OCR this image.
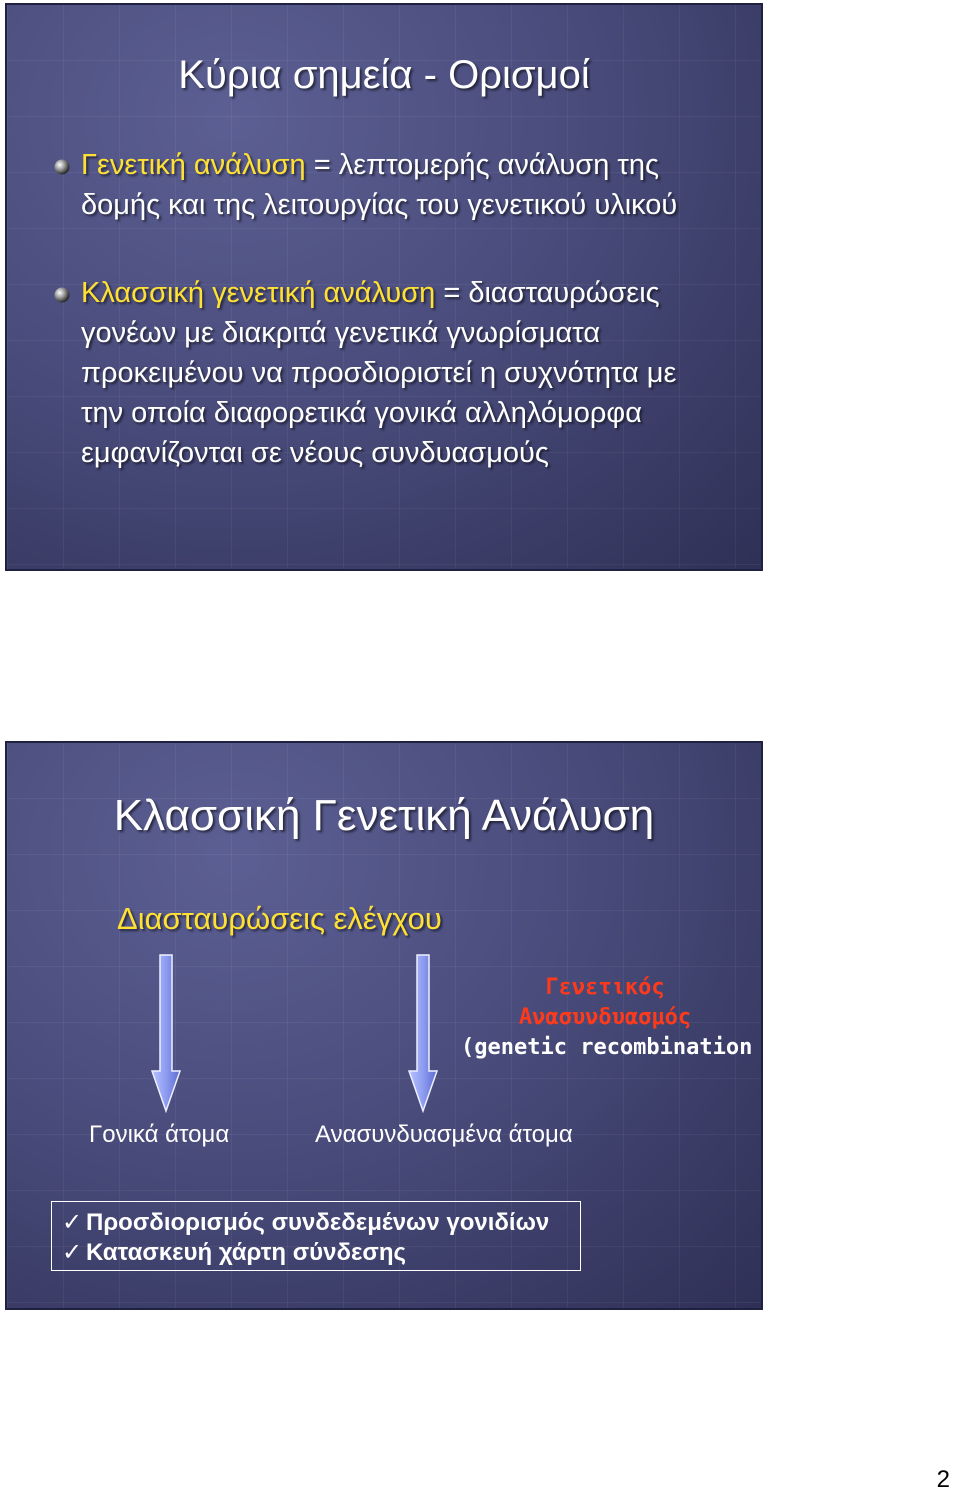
Κύρια σημεία - Ορισμοί
Γενετική ανάλυση = λεπτομερής ανάλυση της δομής και της λειτουργίας του γενετικού υλικού
Κλασσική γενετική ανάλυση = διασταυρώσεις γονέων με διακριτά γενετικά γνωρίσματα προκειμένου να προσδιοριστεί η συχνότητα με την οποία διαφορετικά γονικά αλληλόμορφα εμφανίζονται σε νέους συνδυασμούς
Κλασσική Γενετική Ανάλυση
Διασταυρώσεις ελέγχου
Γενετικός
Ανασυνδυασμός
(genetic recombination
Γονικά άτομα	Ανασυνδυασμένα άτομα
✓ Προσδιορισμός συνδεδεμένων γονιδίων
✓ Κατασκευή χάρτη σύνδεσης
2
